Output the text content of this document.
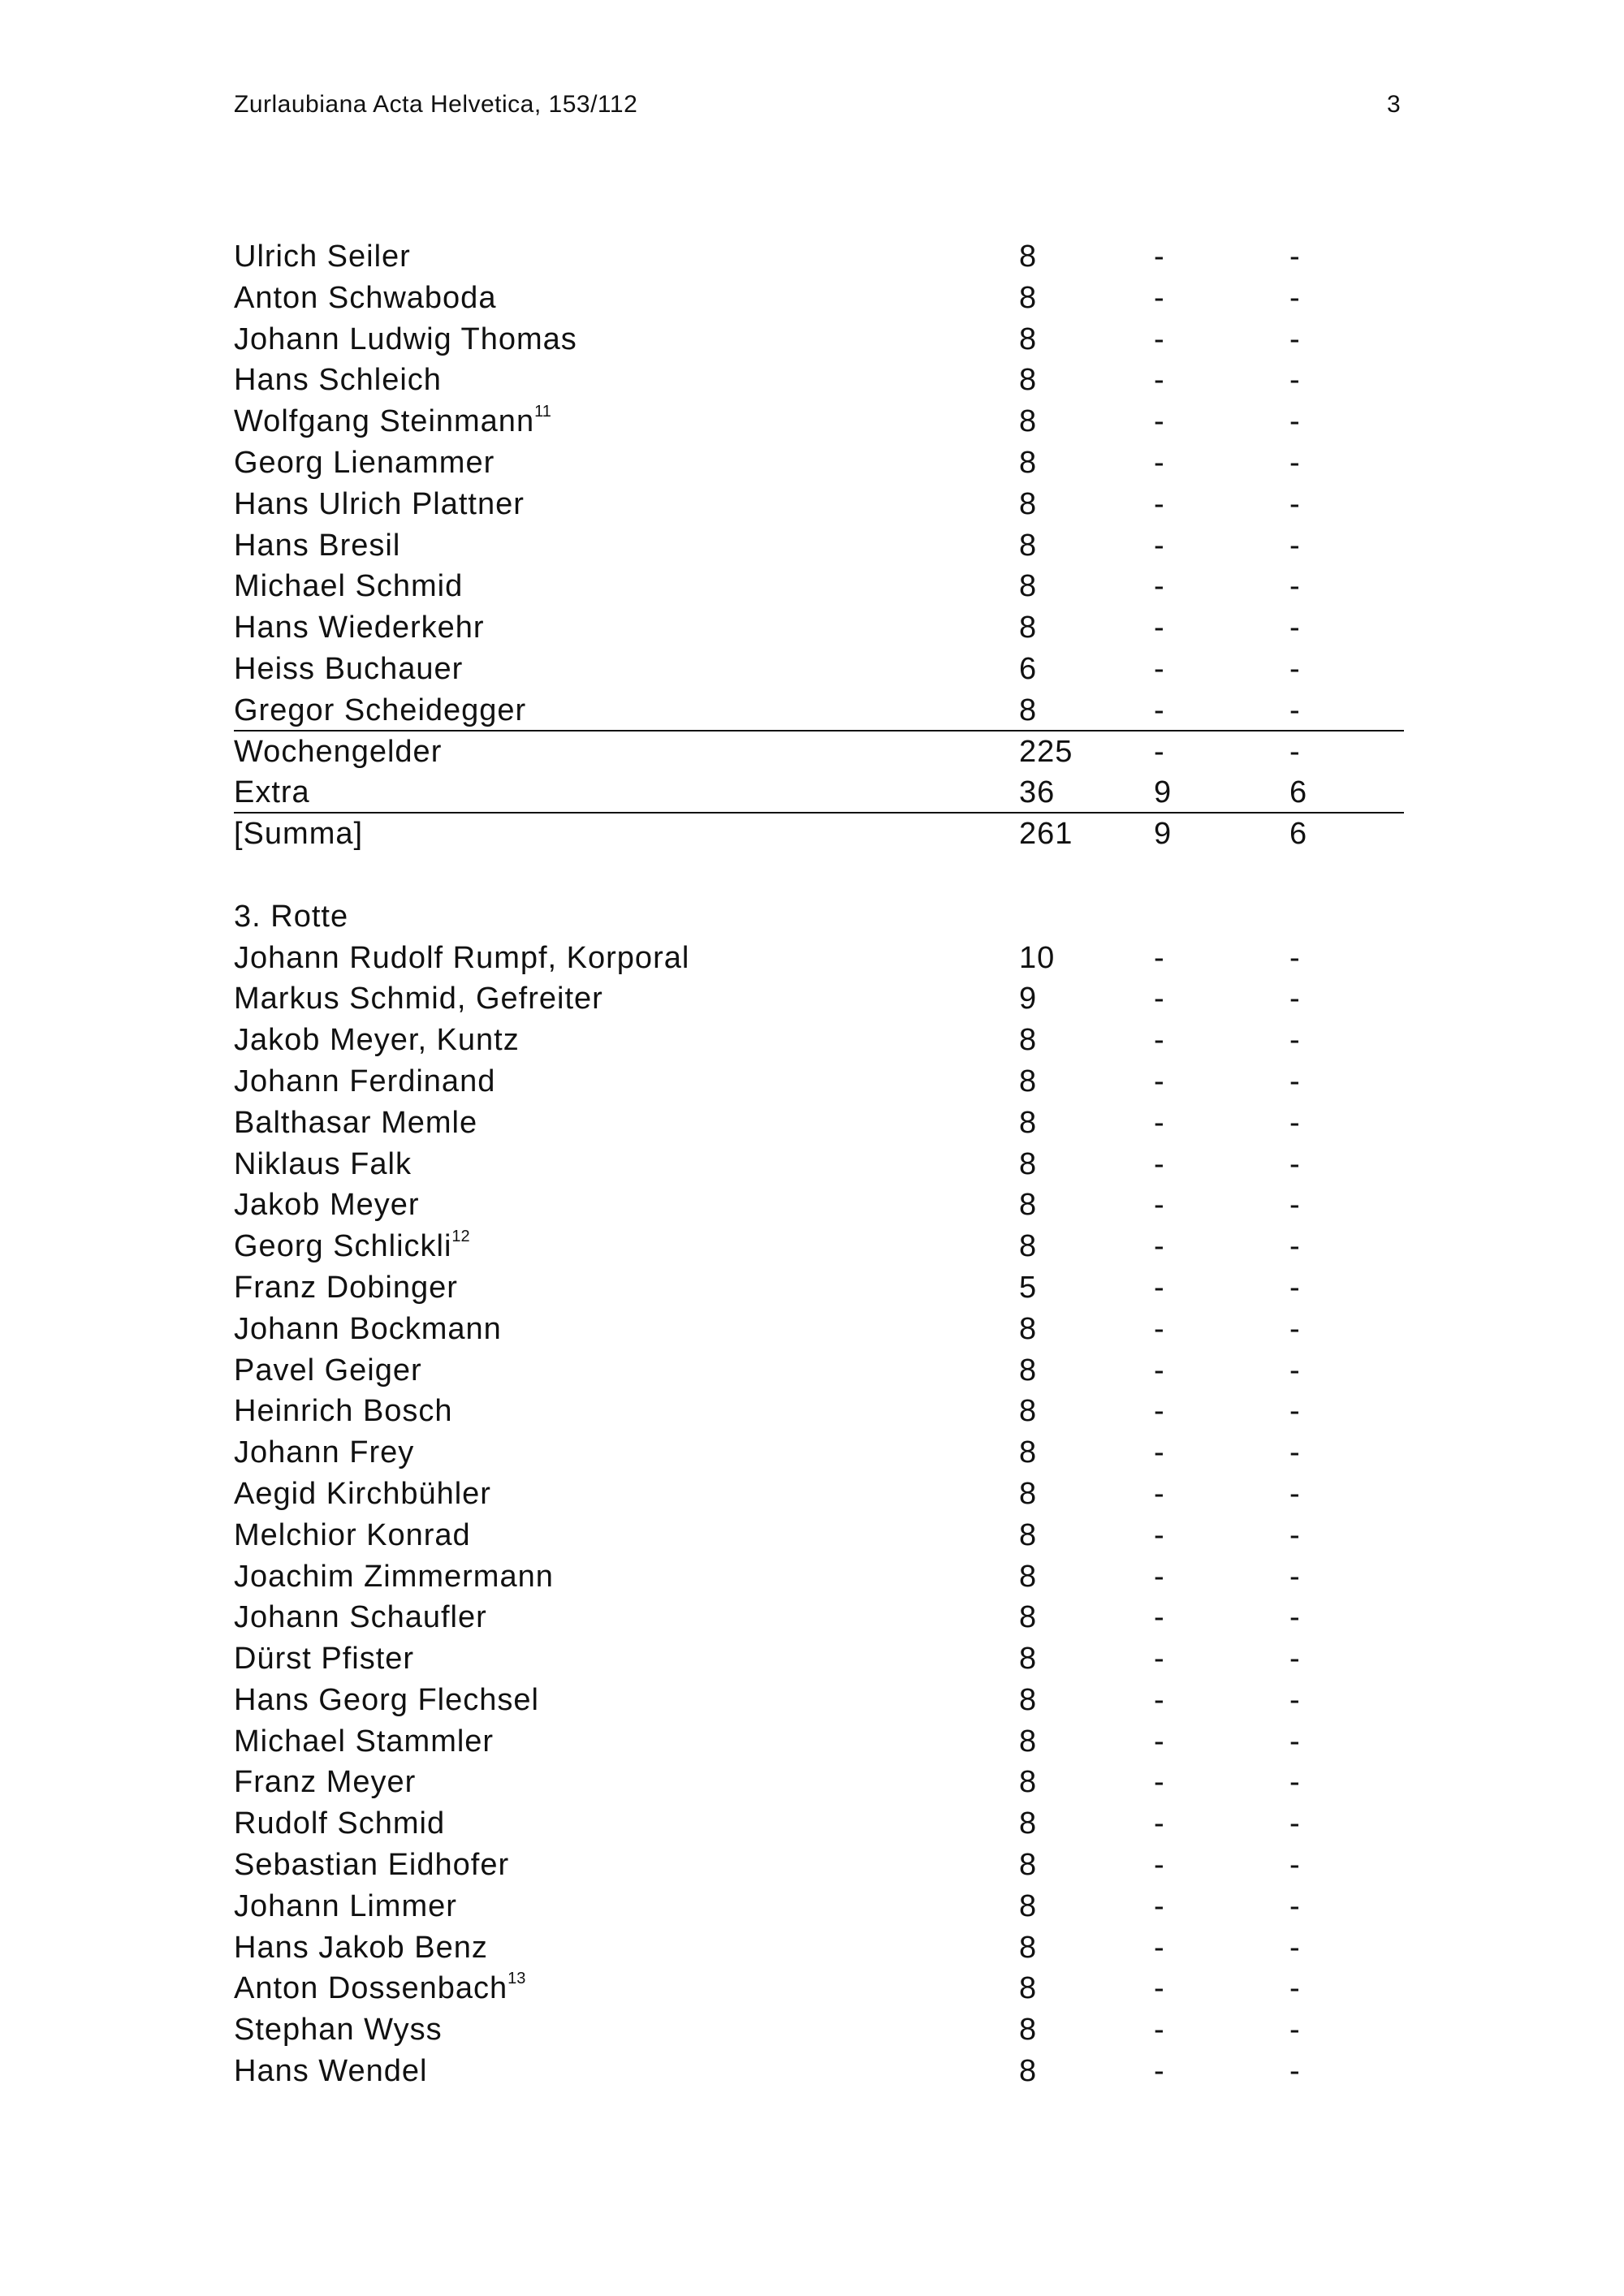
Zurlaubiana Acta Helvetica, 153/112	3
Ulrich Seiler	8	-	-
Anton Schwaboda	8	-	-
Johann Ludwig Thomas	8	-	-
Hans Schleich	8	-	-
Wolfgang Steinmann$^{11}$	8	-	-
Georg Lienammer	8	-	-
Hans Ulrich Plattner	8	-	-
Hans Bresil	8	-	-
Michael Schmid	8	-	-
Hans Wiederkehr	8	-	-
Heiss Buchauer	6	-	-
Gregor Scheidegger	8	-	-
Wochengelder	225	-	-
Extra	36	9	6
[Summa]	261	9	6
3. Rotte
Johann Rudolf Rumpf, Korporal	10	-	-
Markus Schmid, Gefreiter	9	-	-
Jakob Meyer, Kuntz	8	-	-
Johann Ferdinand	8	-	-
Balthasar Memle	8	-	-
Niklaus Falk	8	-	-
Jakob Meyer	8	-	-
Georg Schlickli$^{12}$	8	-	-
Franz Dobinger	5	-	-
Johann Bockmann	8	-	-
Pavel Geiger	8	-	-
Heinrich Bosch	8	-	-
Johann Frey	8	-	-
Aegid Kirchbühler	8	-	-
Melchior Konrad	8	-	-
Joachim Zimmermann	8	-	-
Johann Schaufler	8	-	-
Dürst Pfister	8	-	-
Hans Georg Flechsel	8	-	-
Michael Stammler	8	-	-
Franz Meyer	8	-	-
Rudolf Schmid	8	-	-
Sebastian Eidhofer	8	-	-
Johann Limmer	8	-	-
Hans Jakob Benz	8	-	-
Anton Dossenbach$^{13}$	8	-	-
Stephan Wyss	8	-	-
Hans Wendel	8	-	-
